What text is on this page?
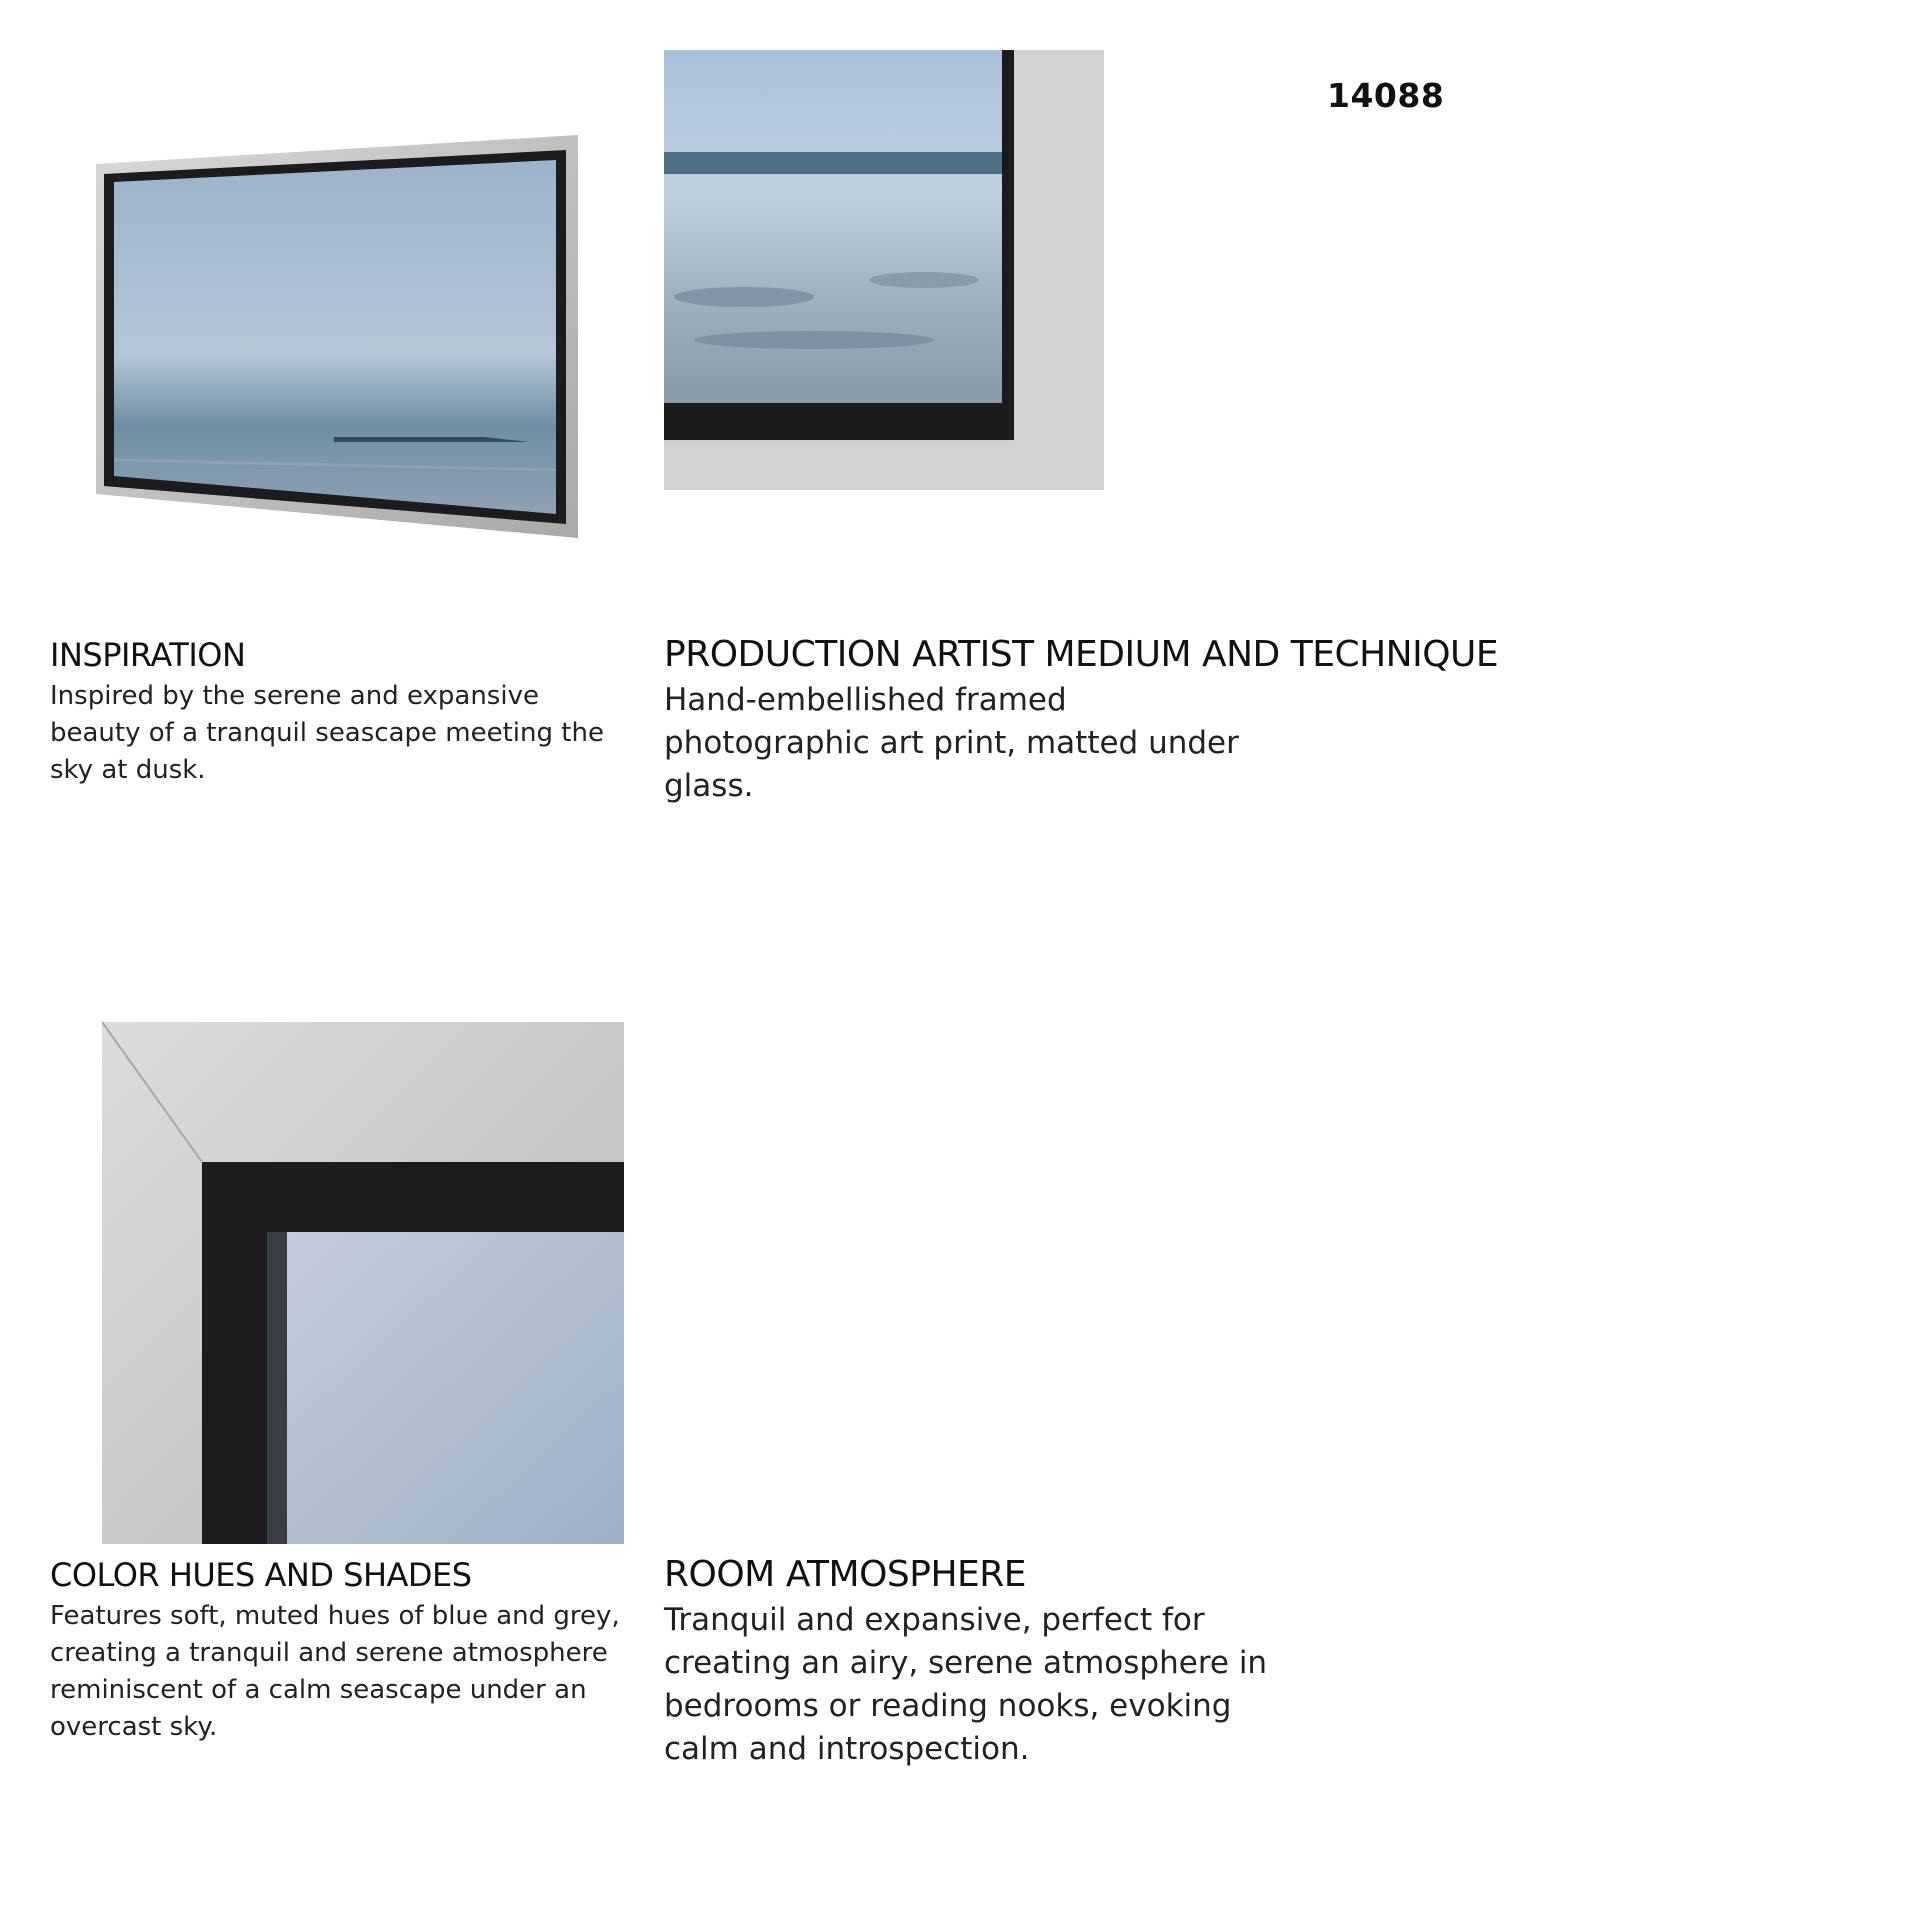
14088
INSPIRATION

Inspired by the serene and expansive beauty of a tranquil seascape meeting the sky at dusk.

PRODUCTION ARTIST MEDIUM AND TECHNIQUE

Hand-embellished framed photographic art print, matted under glass.

COLOR HUES AND SHADES

Features soft, muted hues of blue and grey, creating a tranquil and serene atmosphere reminiscent of a calm seascape under an overcast sky.

ROOM ATMOSPHERE

Tranquil and expansive, perfect for creating an airy, serene atmosphere in bedrooms or reading nooks, evoking calm and introspection.
